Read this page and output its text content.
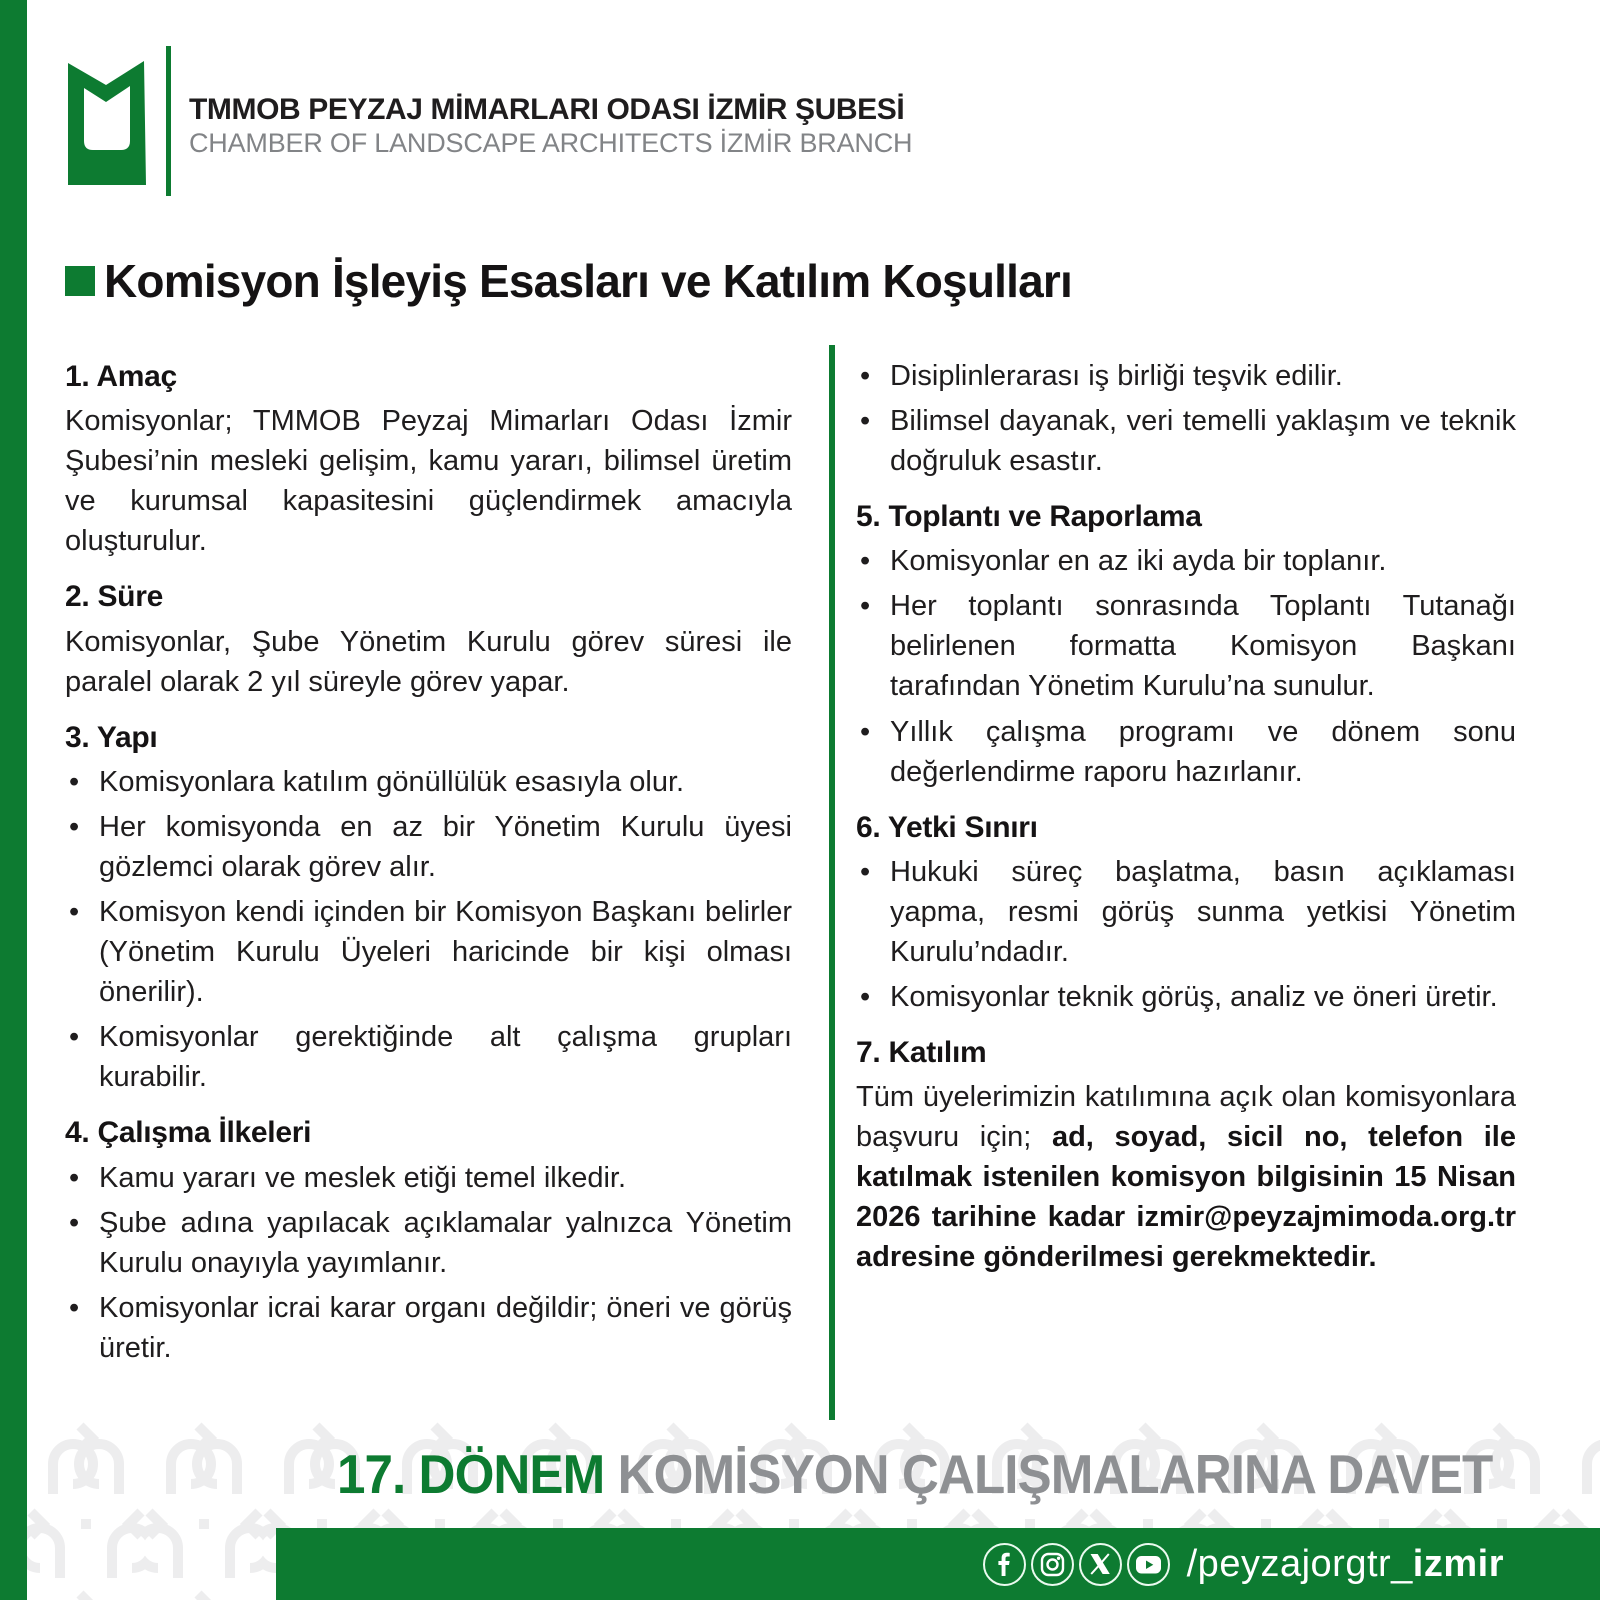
TMMOB PEYZAJ MİMARLARI ODASI İZMİR ŞUBESİ
CHAMBER OF LANDSCAPE ARCHITECTS İZMİR BRANCH
Komisyon İşleyiş Esasları ve Katılım Koşulları
1. Amaç

Komisyonlar; TMMOB Peyzaj Mimarları Odası İzmir Şubesi’nin mesleki gelişim, kamu yararı, bilimsel üretim ve kurumsal kapasitesini güçlendirmek amacıyla oluşturulur.

2. Süre

Komisyonlar, Şube Yönetim Kurulu görev süresi ile paralel olarak 2 yıl süreyle görev yapar.

3. Yapı
• Komisyonlara katılım gönüllülük esasıyla olur.
• Her komisyonda en az bir Yönetim Kurulu üyesi gözlemci olarak görev alır.
• Komisyon kendi içinden bir Komisyon Başkanı belirler (Yönetim Kurulu Üyeleri haricinde bir kişi olması önerilir).
• Komisyonlar gerektiğinde alt çalışma grupları kurabilir.
4. Çalışma İlkeleri
• Kamu yararı ve meslek etiği temel ilkedir.
• Şube adına yapılacak açıklamalar yalnızca Yönetim Kurulu onayıyla yayımlanır.
• Komisyonlar icrai karar organı değildir; öneri ve görüş üretir.
• Disiplinlerarası iş birliği teşvik edilir.
• Bilimsel dayanak, veri temelli yaklaşım ve teknik doğruluk esastır.
5. Toplantı ve Raporlama
• Komisyonlar en az iki ayda bir toplanır.
• Her toplantı sonrasında Toplantı Tutanağı belirlenen formatta Komisyon Başkanı tarafından Yönetim Kurulu’na sunulur.
• Yıllık çalışma programı ve dönem sonu değerlendirme raporu hazırlanır.
6. Yetki Sınırı
• Hukuki süreç başlatma, basın açıklaması yapma, resmi görüş sunma yetkisi Yönetim Kurulu’ndadır.
• Komisyonlar teknik görüş, analiz ve öneri üretir.
7. Katılım

Tüm üyelerimizin katılımına açık olan komisyonlara başvuru için; ad, soyad, sicil no, telefon ile katılmak istenilen komisyon bilgisinin 15 Nisan 2026 tarihine kadar izmir@peyzajmimoda.org.tr adresine gönderilmesi gerekmektedir.

17. DÖNEM KOMİSYON ÇALIŞMALARINA DAVET
/peyzajorgtr_izmir
